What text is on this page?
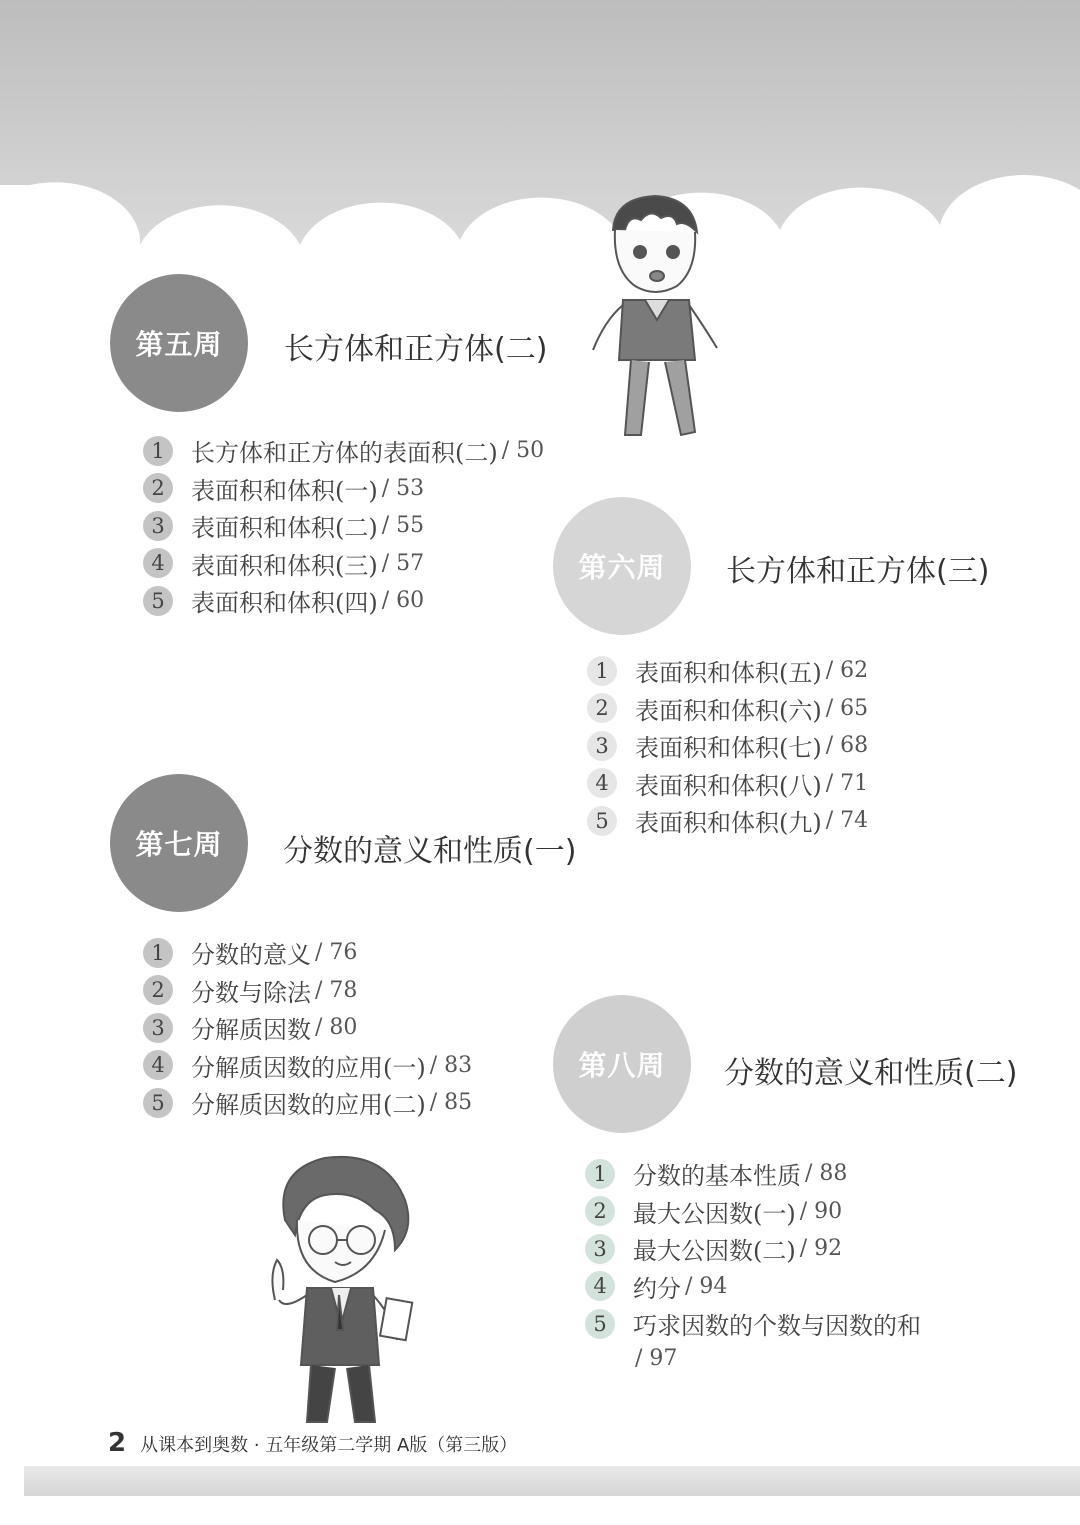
第五周	长方体和正方体(二)
1	长方体和正方体的表面积(二) / 50
2	表面积和体积(一) / 53
3	表面积和体积(二) / 55
4	表面积和体积(三) / 57
5	表面积和体积(四) / 60
第六周	长方体和正方体(三)
1	表面积和体积(五) / 62
2	表面积和体积(六) / 65
3	表面积和体积(七) / 68
4	表面积和体积(八) / 71
5	表面积和体积(九) / 74
第七周	分数的意义和性质(一)
1	分数的意义 / 76
2	分数与除法 / 78
3	分解质因数 / 80
4	分解质因数的应用(一) / 83
5	分解质因数的应用(二) / 85
第八周	分数的意义和性质(二)
1	分数的基本性质 / 88
2	最大公因数(一) / 90
3	最大公因数(二) / 92
4	约分 / 94
5	巧求因数的个数与因数的和
/ 97
2 从课本到奥数 · 五年级第二学期 A版（第三版）
